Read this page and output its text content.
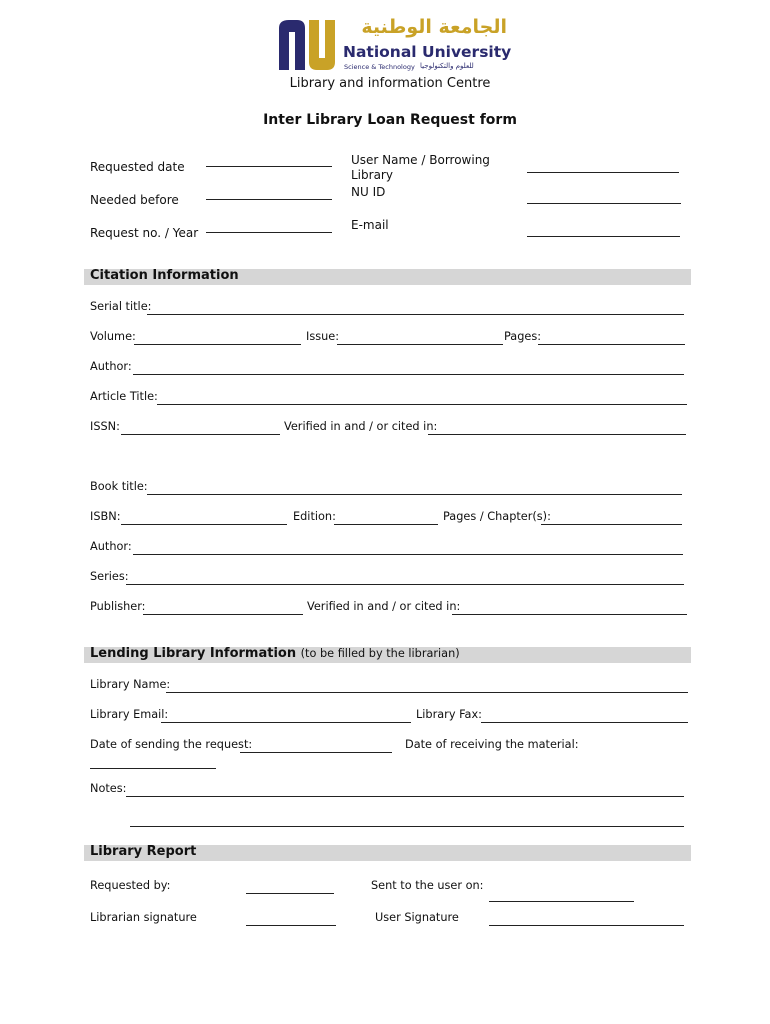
الجامعة الوطنية
National University
Science & Technology للعلوم والتكنولوجيا
Library and information Centre
Inter Library Loan Request form
Requested date
Needed before
Request no. / Year
User Name / Borrowing
Library
NU ID
E-mail
Citation Information
Serial title:
Volume:	Issue:	Pages:
Author:
Article Title:
ISSN:	Verified in and / or cited in:
Book title:
ISBN:	Edition:	Pages / Chapter(s):
Author:
Series:
Publisher:	Verified in and / or cited in:
Lending Library Information (to be filled by the librarian)
Library Name:
Library Email:	Library Fax:
Date of sending the request:	Date of receiving the material:
Notes:
Library Report
Requested by:	Sent to the user on:
Librarian signature	User Signature
